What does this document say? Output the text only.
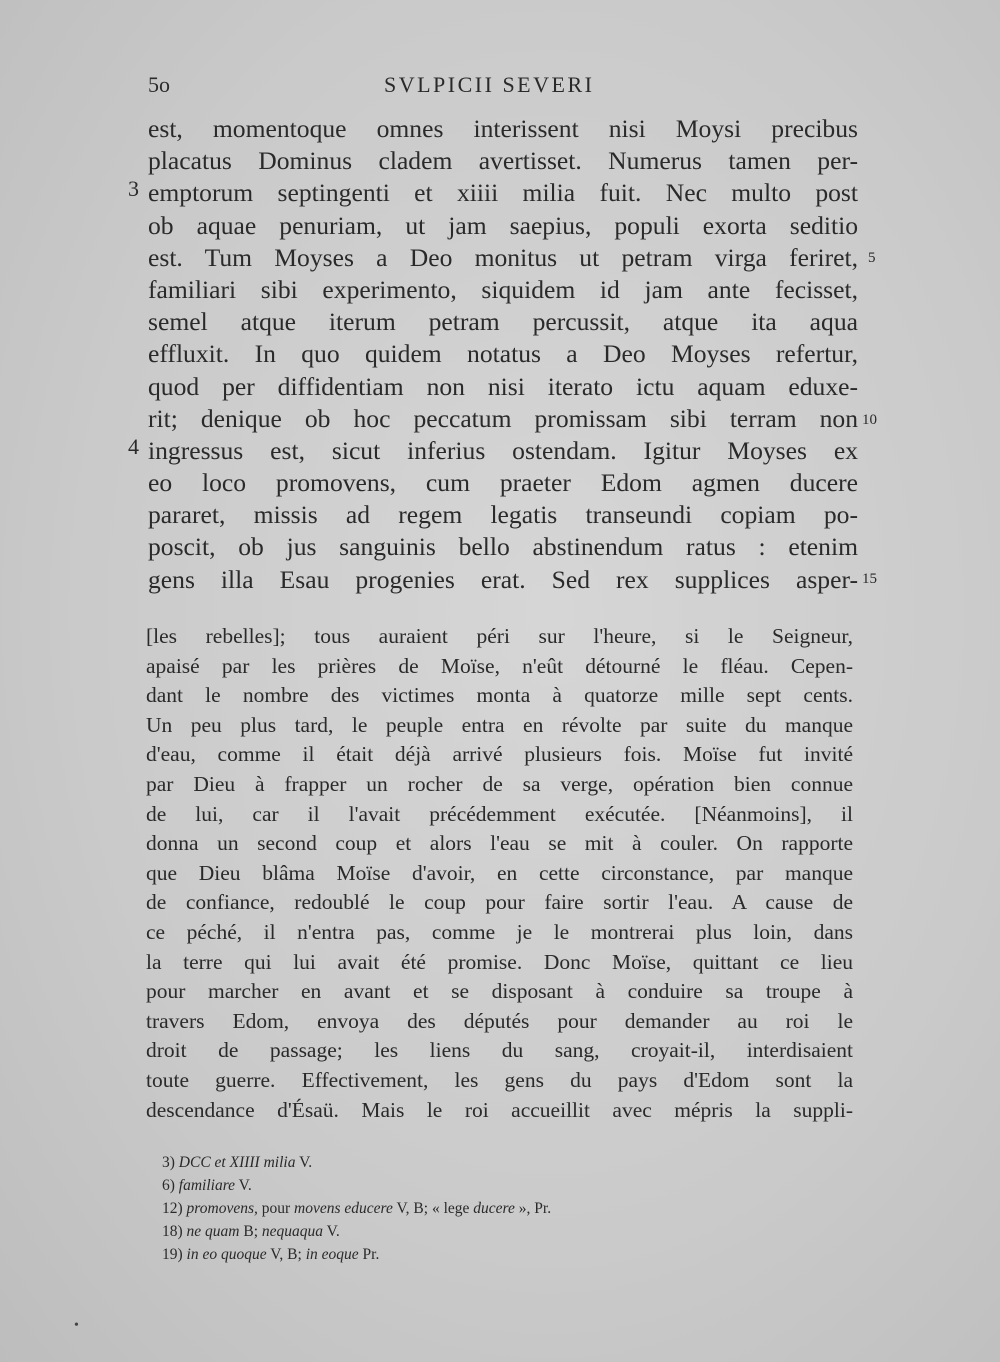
5o	SVLPICII SEVERI
est, momentoque omnes interissent nisi Moysi precibus
placatus Dominus cladem avertisset. Numerus tamen per-
emptorum septingenti et xiiii milia fuit. Nec multo post
ob aquae penuriam, ut jam saepius, populi exorta seditio
est. Tum Moyses a Deo monitus ut petram virga feriret,
familiari sibi experimento, siquidem id jam ante fecisset,
semel atque iterum petram percussit, atque ita aqua
effluxit. In quo quidem notatus a Deo Moyses refertur,
quod per diffidentiam non nisi iterato ictu aquam eduxe-
rit; denique ob hoc peccatum promissam sibi terram non
ingressus est, sicut inferius ostendam. Igitur Moyses ex
eo loco promovens, cum praeter Edom agmen ducere
pararet, missis ad regem legatis transeundi copiam po-
poscit, ob jus sanguinis bello abstinendum ratus : etenim
gens illa Esau progenies erat. Sed rex supplices asper-
3
4
5
10
15
[les rebelles]; tous auraient péri sur l'heure, si le Seigneur,
apaisé par les prières de Moïse, n'eût détourné le fléau. Cepen-
dant le nombre des victimes monta à quatorze mille sept cents.
Un peu plus tard, le peuple entra en révolte par suite du manque
d'eau, comme il était déjà arrivé plusieurs fois. Moïse fut invité
par Dieu à frapper un rocher de sa verge, opération bien connue
de lui, car il l'avait précédemment exécutée. [Néanmoins], il
donna un second coup et alors l'eau se mit à couler. On rapporte
que Dieu blâma Moïse d'avoir, en cette circonstance, par manque
de confiance, redoublé le coup pour faire sortir l'eau. A cause de
ce péché, il n'entra pas, comme je le montrerai plus loin, dans
la terre qui lui avait été promise. Donc Moïse, quittant ce lieu
pour marcher en avant et se disposant à conduire sa troupe à
travers Edom, envoya des députés pour demander au roi le
droit de passage; les liens du sang, croyait-il, interdisaient
toute guerre. Effectivement, les gens du pays d'Edom sont la
descendance d'Ésaü. Mais le roi accueillit avec mépris la suppli-
3) DCC et XIIII milia V.
6) familiare V.
12) promovens, pour movens educere V, B; « lege ducere », Pr.
18) ne quam B; nequaqua V.
19) in eo quoque V, B; in eoque Pr.
•
